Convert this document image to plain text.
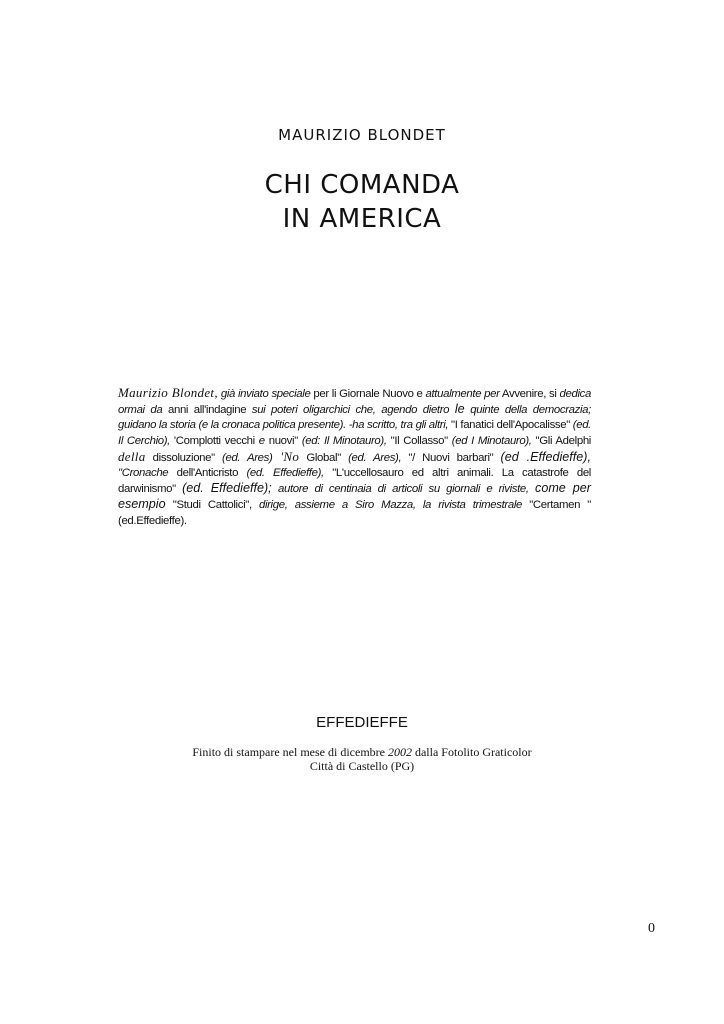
MAURIZIO BLONDET
CHI COMANDA
IN AMERICA
Maurizio Blondet, già inviato speciale per li Giornale Nuovo e attualmente per Avvenire, si dedica ormai da anni all'indagine sui poteri oligarchici che, agendo dietro le quinte della democrazia; guidano la storia (e la cronaca politica presente). -ha scritto, tra gli altri, "I fanatici dell'Apocalisse" (ed. Il Cerchio), 'Complotti vecchi e nuovi" (ed: Il Minotauro), "Il Collasso" (ed I Minotauro), "Gli Adelphi della dissoluzione" (ed. Ares) 'No Global" (ed. Ares), "/ Nuovi barbari" (ed .Effedieffe), "Cronache dell'Anticristo (ed. Effedieffe), "L'uccellosauro ed altri animali. La catastrofe del darwinismo" (ed. Effedieffe); autore di centinaia di articoli su giornali e riviste, come per esempio "Studi Cattolici", dirige, assieme a Siro Mazza, la rivista trimestrale "Certamen "(ed.Effedieffe).
EFFEDIEFFE
Finito di stampare nel mese di dicembre 2002 dalla Fotolito Graticolor
Città di Castello (PG)
0
